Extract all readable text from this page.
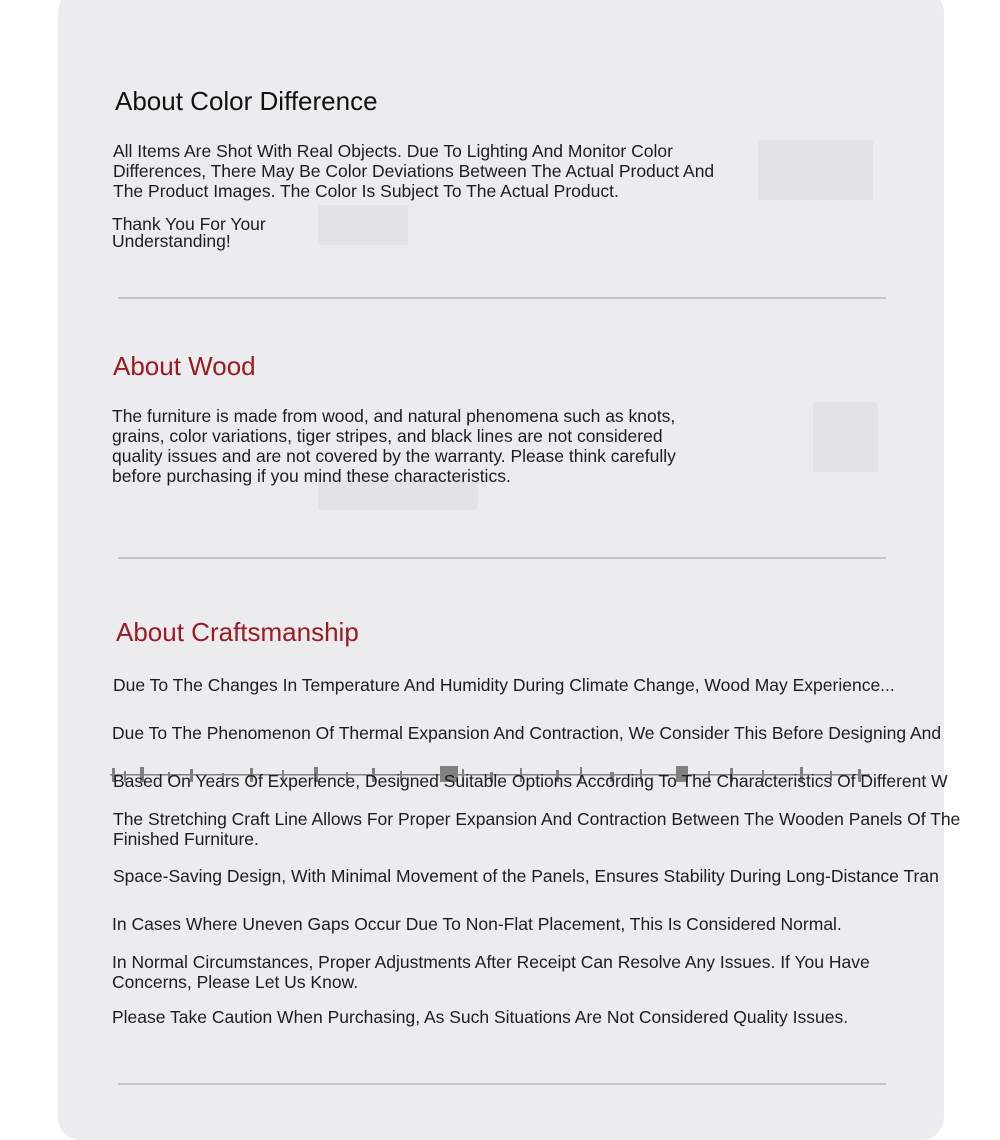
About Color Difference

All Items Are Shot With Real Objects. Due To Lighting And Monitor Color Differences, There May Be Color Deviations Between The Actual Product And The Product Images. The Color Is Subject To The Actual Product.

Thank You For Your

Understanding!

About Wood

The furniture is made from wood, and natural phenomena such as knots, grains, color variations, tiger stripes, and black lines are not considered quality issues and are not covered by the warranty. Please think carefully before purchasing if you mind these characteristics.

About Craftsmanship

Due To The Changes In Temperature And Humidity During Climate Change, Wood May Experience...

Due To The Phenomenon Of Thermal Expansion And Contraction, We Consider This Before Designing And

Based On Years Of Experience, Designed Suitable Options According To The Characteristics Of Different W

The Stretching Craft Line Allows For Proper Expansion And Contraction Between The Wooden Panels Of The Finished Furniture.

Space-Saving Design, With Minimal Movement of the Panels, Ensures Stability During Long-Distance Tran

In Cases Where Uneven Gaps Occur Due To Non-Flat Placement, This Is Considered Normal.

In Normal Circumstances, Proper Adjustments After Receipt Can Resolve Any Issues. If You Have Concerns, Please Let Us Know.

Please Take Caution When Purchasing, As Such Situations Are Not Considered Quality Issues.
